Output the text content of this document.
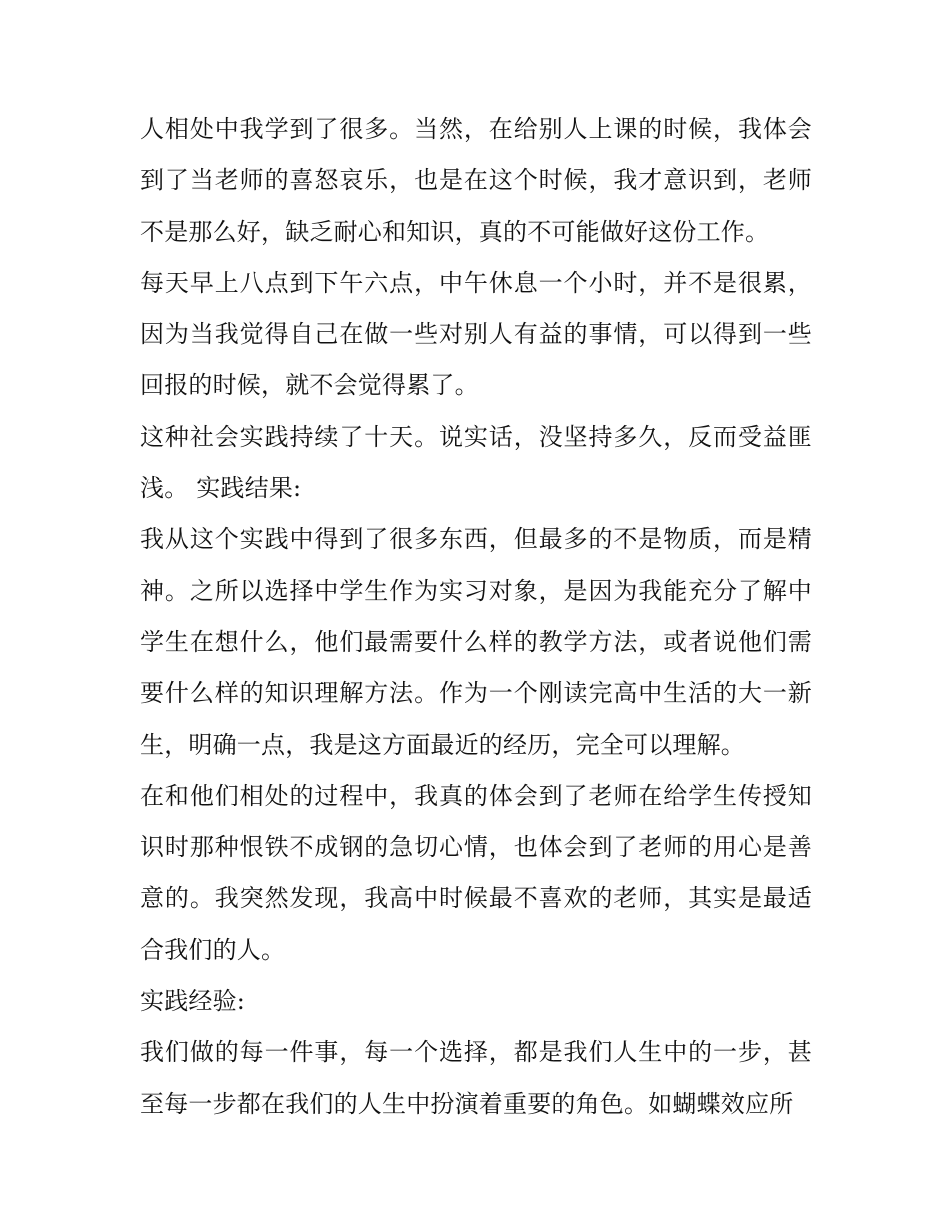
人相处中我学到了很多。当然，在给别人上课的时候，我体会到了当老师的喜怒哀乐，也是在这个时候，我才意识到，老师不是那么好，缺乏耐心和知识，真的不可能做好这份工作。

每天早上八点到下午六点，中午休息一个小时，并不是很累，因为当我觉得自己在做一些对别人有益的事情，可以得到一些回报的时候，就不会觉得累了。

这种社会实践持续了十天。说实话，没坚持多久，反而受益匪浅。 实践结果:

我从这个实践中得到了很多东西，但最多的不是物质，而是精神。之所以选择中学生作为实习对象，是因为我能充分了解中学生在想什么，他们最需要什么样的教学方法，或者说他们需要什么样的知识理解方法。作为一个刚读完高中生活的大一新生，明确一点，我是这方面最近的经历，完全可以理解。

在和他们相处的过程中，我真的体会到了老师在给学生传授知识时那种恨铁不成钢的急切心情，也体会到了老师的用心是善意的。我突然发现，我高中时候最不喜欢的老师，其实是最适合我们的人。

实践经验:

我们做的每一件事，每一个选择，都是我们人生中的一步，甚至每一步都在我们的人生中扮演着重要的角色。如蝴蝶效应所
